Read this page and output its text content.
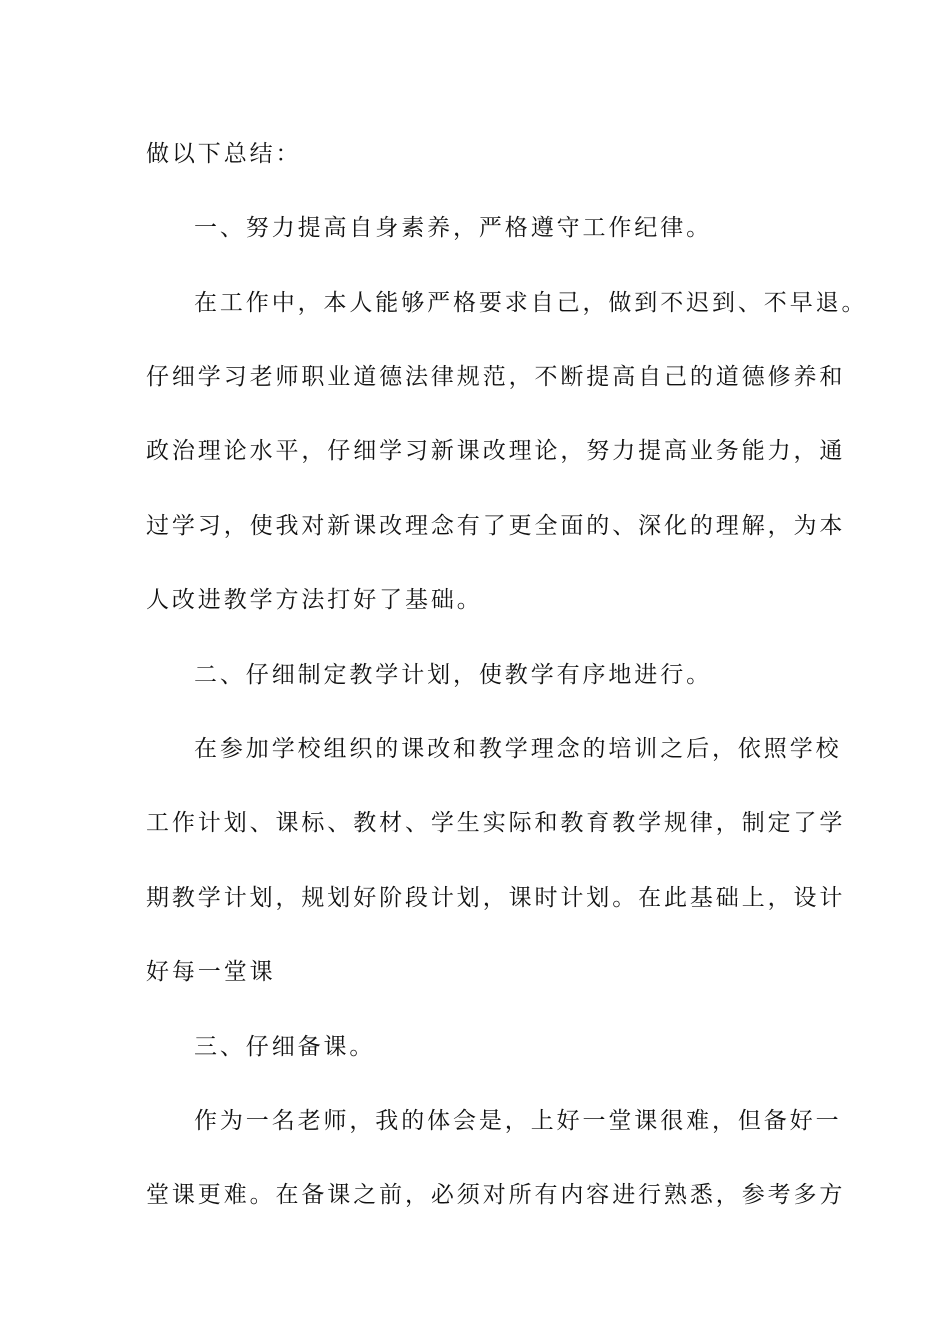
做以下总结：
一、努力提高自身素养，严格遵守工作纪律。
在工作中，本人能够严格要求自己，做到不迟到、不早退。
仔细学习老师职业道德法律规范，不断提高自己的道德修养和
政治理论水平，仔细学习新课改理论，努力提高业务能力，通
过学习，使我对新课改理念有了更全面的、深化的理解，为本
人改进教学方法打好了基础。
二、仔细制定教学计划，使教学有序地进行。
在参加学校组织的课改和教学理念的培训之后，依照学校
工作计划、课标、教材、学生实际和教育教学规律，制定了学
期教学计划，规划好阶段计划，课时计划。在此基础上，设计
好每一堂课
三、仔细备课。
作为一名老师，我的体会是，上好一堂课很难，但备好一
堂课更难。在备课之前，必须对所有内容进行熟悉，参考多方
